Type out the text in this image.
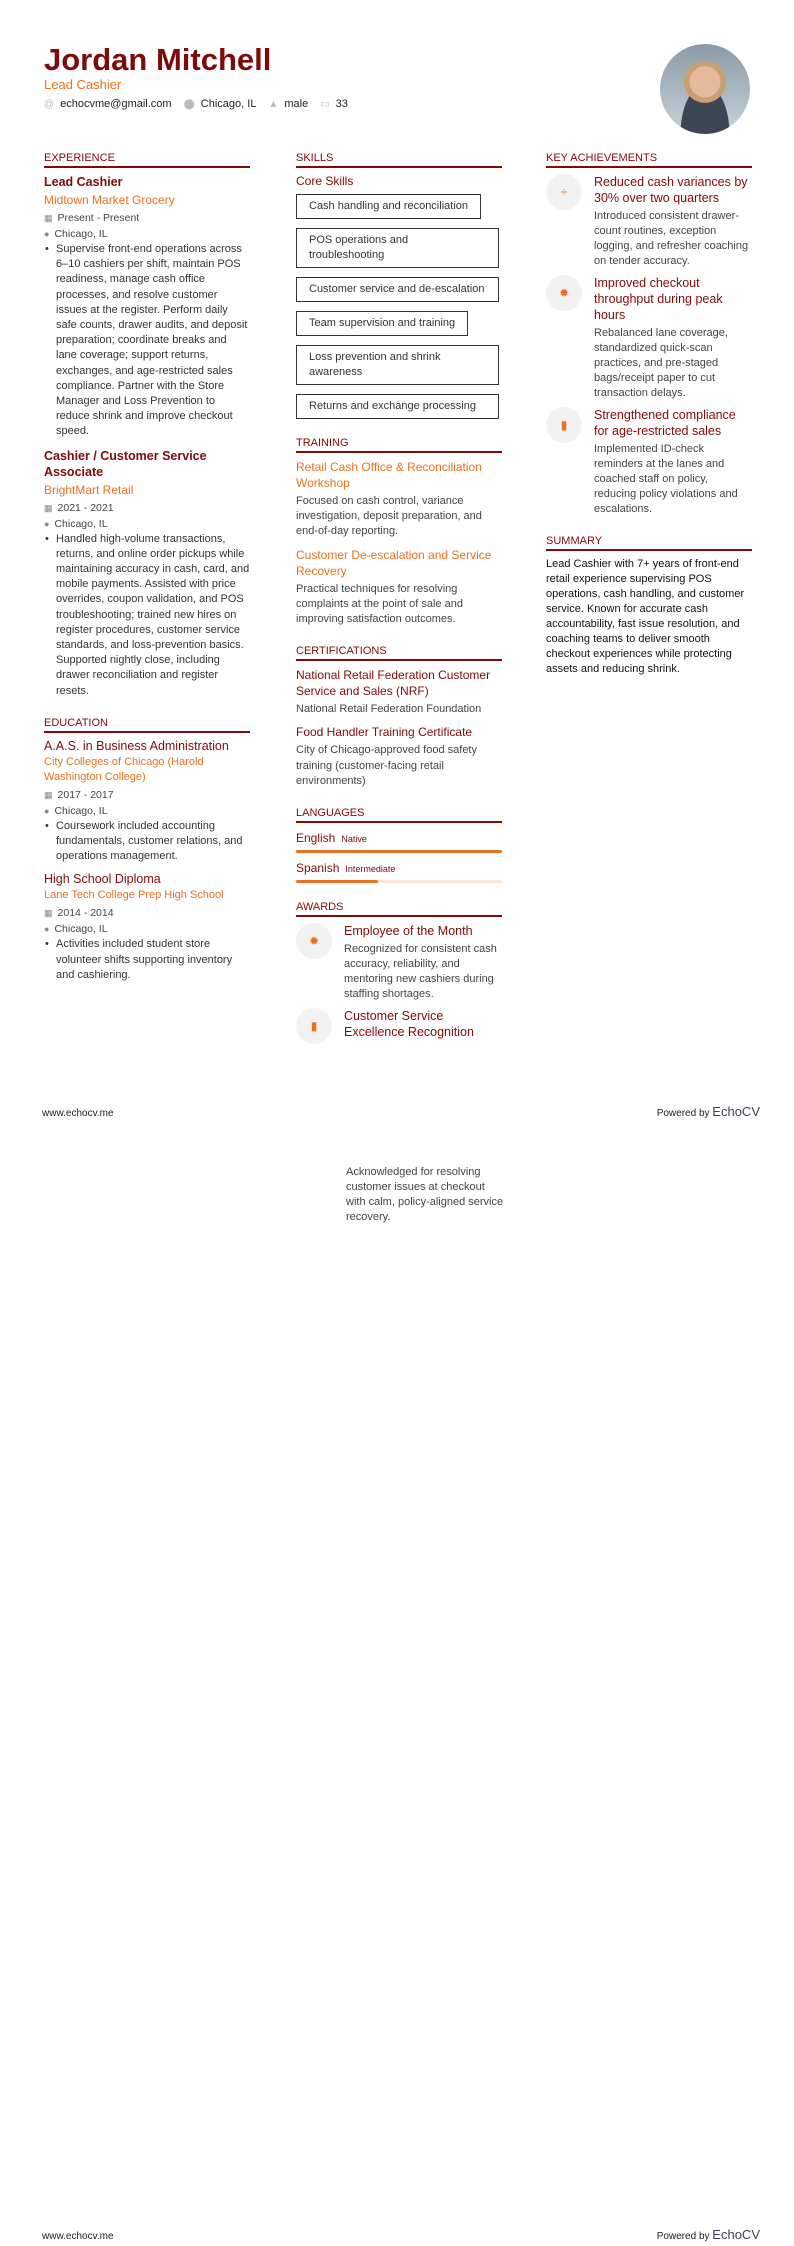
Jordan Mitchell
Lead Cashier
@ echocvme@gmail.com ⬤ Chicago, IL ▲ male ▭ 33
EXPERIENCE
Lead Cashier
Midtown Market Grocery
▦ Present - Present
● Chicago, IL
• Supervise front-end operations across 6–10 cashiers per shift, maintain POS readiness, manage cash office processes, and resolve customer issues at the register. Perform daily safe counts, drawer audits, and deposit preparation; coordinate breaks and lane coverage; support returns, exchanges, and age-restricted sales compliance. Partner with the Store Manager and Loss Prevention to reduce shrink and improve checkout speed.
Cashier / Customer Service Associate
BrightMart Retail
▦ 2021 - 2021
● Chicago, IL
• Handled high-volume transactions, returns, and online order pickups while maintaining accuracy in cash, card, and mobile payments. Assisted with price overrides, coupon validation, and POS troubleshooting; trained new hires on register procedures, customer service standards, and loss-prevention basics. Supported nightly close, including drawer reconciliation and register resets.
EDUCATION
A.A.S. in Business Administration
City Colleges of Chicago (Harold Washington College)
▦ 2017 - 2017
● Chicago, IL
• Coursework included accounting fundamentals, customer relations, and operations management.
High School Diploma
Lane Tech College Prep High School
▦ 2014 - 2014
● Chicago, IL
• Activities included student store volunteer shifts supporting inventory and cashiering.
SKILLS
Core Skills
Cash handling and reconciliation
POS operations and troubleshooting
Customer service and de-escalation
Team supervision and training
Loss prevention and shrink awareness
Returns and exchange processing
TRAINING
Retail Cash Office & Reconciliation Workshop
Focused on cash control, variance investigation, deposit preparation, and end-of-day reporting.
Customer De-escalation and Service Recovery
Practical techniques for resolving complaints at the point of sale and improving satisfaction outcomes.
CERTIFICATIONS
National Retail Federation Customer Service and Sales (NRF)
National Retail Federation Foundation
Food Handler Training Certificate
City of Chicago-approved food safety training (customer-facing retail environments)
LANGUAGES
English Native
Spanish Intermediate
AWARDS
✹
Employee of the Month
Recognized for consistent cash accuracy, reliability, and mentoring new cashiers during staffing shortages.
▮
Customer Service Excellence Recognition
KEY ACHIEVEMENTS
÷
Reduced cash variances by 30% over two quarters
Introduced consistent drawer-count routines, exception logging, and refresher coaching on tender accuracy.
✹
Improved checkout throughput during peak hours
Rebalanced lane coverage, standardized quick-scan practices, and pre-staged bags/receipt paper to cut transaction delays.
▮
Strengthened compliance for age-restricted sales
Implemented ID-check reminders at the lanes and coached staff on policy, reducing policy violations and escalations.
SUMMARY
Lead Cashier with 7+ years of front-end retail experience supervising POS operations, cash handling, and customer service. Known for accurate cash accountability, fast issue resolution, and coaching teams to deliver smooth checkout experiences while protecting assets and reducing shrink.
www.echocv.me	Powered by EchoCV
Acknowledged for resolving customer issues at checkout with calm, policy-aligned service recovery.
www.echocv.me	Powered by EchoCV
